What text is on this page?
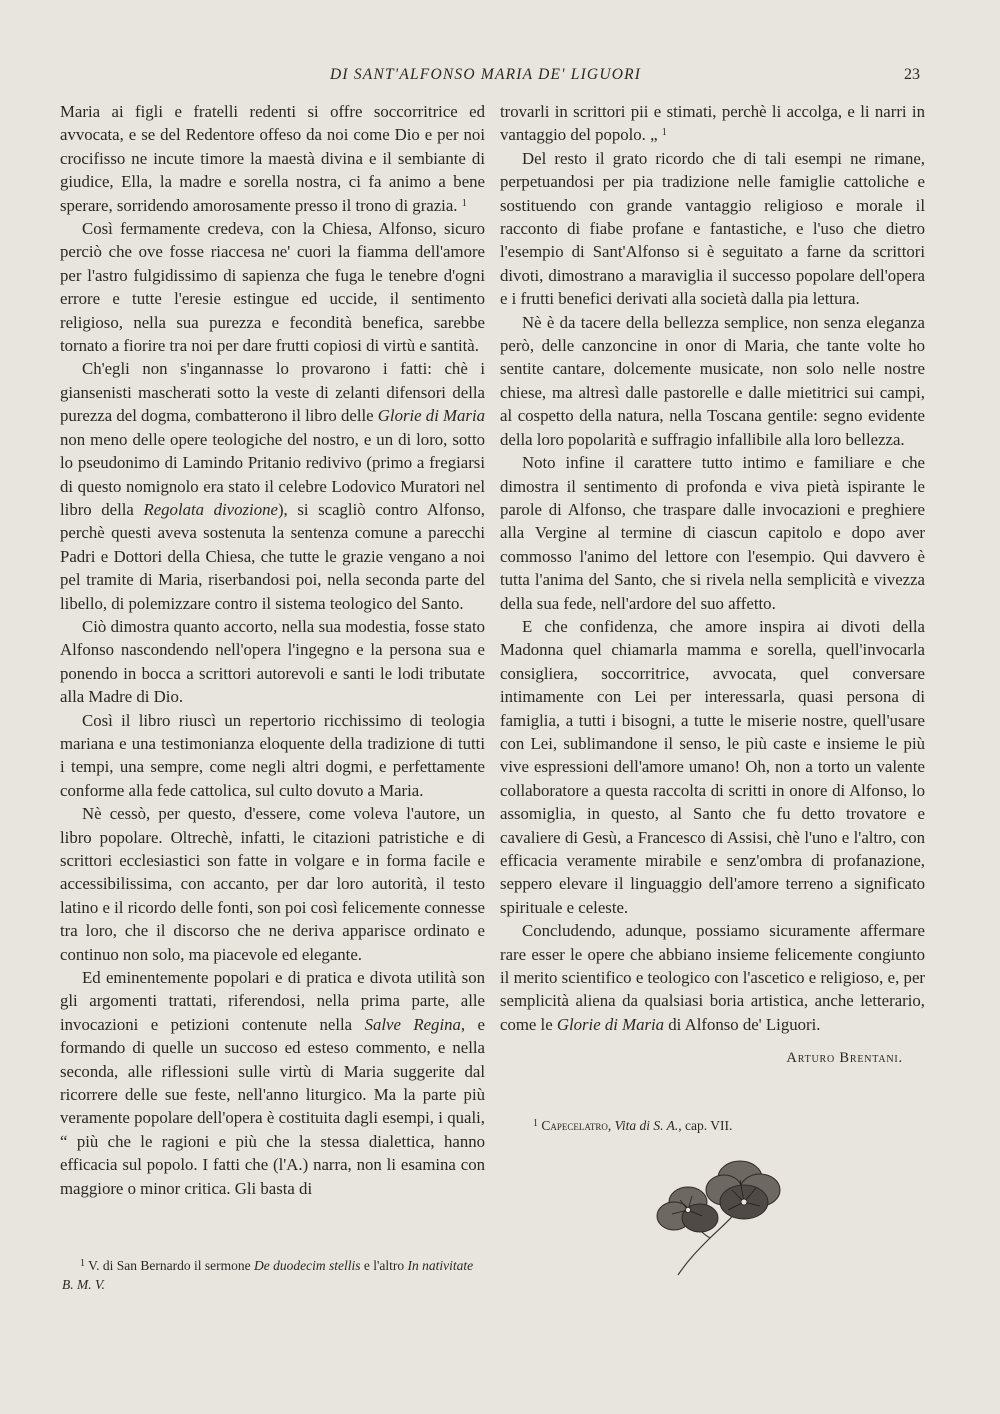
DI SANT'ALFONSO MARIA DE' LIGUORI	23

Maria ai figli e fratelli redenti si offre soccorritrice ed avvocata, e se del Redentore offeso da noi come Dio e per noi crocifisso ne incute timore la maestà divina e il sembiante di giudice, Ella, la madre e sorella nostra, ci fa animo a bene sperare, sorridendo amorosamente presso il trono di grazia. $^1$

Così fermamente credeva, con la Chiesa, Alfonso, sicuro perciò che ove fosse riaccesa ne' cuori la fiamma dell'amore per l'astro fulgidissimo di sapienza che fuga le tenebre d'ogni errore e tutte l'eresie estingue ed uccide, il sentimento religioso, nella sua purezza e fecondità benefica, sarebbe tornato a fiorire tra noi per dare frutti copiosi di virtù e santità.

Ch'egli non s'ingannasse lo provarono i fatti: chè i giansenisti mascherati sotto la veste di zelanti difensori della purezza del dogma, combatterono il libro delle Glorie di Maria non meno delle opere teologiche del nostro, e un di loro, sotto lo pseudonimo di Lamindo Pritanio redivivo (primo a fregiarsi di questo nomignolo era stato il celebre Lodovico Muratori nel libro della Regolata divozione), si scagliò contro Alfonso, perchè questi aveva sostenuta la sentenza comune a parecchi Padri e Dottori della Chiesa, che tutte le grazie vengano a noi pel tramite di Maria, riserbandosi poi, nella seconda parte del libello, di polemizzare contro il sistema teologico del Santo.

Ciò dimostra quanto accorto, nella sua modestia, fosse stato Alfonso nascondendo nell'opera l'ingegno e la persona sua e ponendo in bocca a scrittori autorevoli e santi le lodi tributate alla Madre di Dio.

Così il libro riuscì un repertorio ricchissimo di teologia mariana e una testimonianza eloquente della tradizione di tutti i tempi, una sempre, come negli altri dogmi, e perfettamente conforme alla fede cattolica, sul culto dovuto a Maria.

Nè cessò, per questo, d'essere, come voleva l'autore, un libro popolare. Oltrechè, infatti, le citazioni patristiche e di scrittori ecclesiastici son fatte in volgare e in forma facile e accessibilissima, con accanto, per dar loro autorità, il testo latino e il ricordo delle fonti, son poi così felicemente connesse tra loro, che il discorso che ne deriva apparisce ordinato e continuo non solo, ma piacevole ed elegante.

Ed eminentemente popolari e di pratica e divota utilità son gli argomenti trattati, riferendosi, nella prima parte, alle invocazioni e petizioni contenute nella Salve Regina, e formando di quelle un succoso ed esteso commento, e nella seconda, alle riflessioni sulle virtù di Maria suggerite dal ricorrere delle sue feste, nell'anno liturgico. Ma la parte più veramente popolare dell'opera è costituita dagli esempi, i quali, “ più che le ragioni e più che la stessa dialettica, hanno efficacia sul popolo. I fatti che (l'A.) narra, non li esamina con maggiore o minor critica. Gli basta di

trovarli in scrittori pii e stimati, perchè li accolga, e li narri in vantaggio del popolo. „ $^1$

Del resto il grato ricordo che di tali esempi ne rimane, perpetuandosi per pia tradizione nelle famiglie cattoliche e sostituendo con grande vantaggio religioso e morale il racconto di fiabe profane e fantastiche, e l'uso che dietro l'esempio di Sant'Alfonso si è seguitato a farne da scrittori divoti, dimostrano a maraviglia il successo popolare dell'opera e i frutti benefici derivati alla società dalla pia lettura.

Nè è da tacere della bellezza semplice, non senza eleganza però, delle canzoncine in onor di Maria, che tante volte ho sentite cantare, dolcemente musicate, non solo nelle nostre chiese, ma altresì dalle pastorelle e dalle mietitrici sui campi, al cospetto della natura, nella Toscana gentile: segno evidente della loro popolarità e suffragio infallibile alla loro bellezza.

Noto infine il carattere tutto intimo e familiare e che dimostra il sentimento di profonda e viva pietà ispirante le parole di Alfonso, che traspare dalle invocazioni e preghiere alla Vergine al termine di ciascun capitolo e dopo aver commosso l'animo del lettore con l'esempio. Qui davvero è tutta l'anima del Santo, che si rivela nella semplicità e vivezza della sua fede, nell'ardore del suo affetto.

E che confidenza, che amore inspira ai divoti della Madonna quel chiamarla mamma e sorella, quell'invocarla consigliera, soccorritrice, avvocata, quel conversare intimamente con Lei per interessarla, quasi persona di famiglia, a tutti i bisogni, a tutte le miserie nostre, quell'usare con Lei, sublimandone il senso, le più caste e insieme le più vive espressioni dell'amore umano! Oh, non a torto un valente collaboratore a questa raccolta di scritti in onore di Alfonso, lo assomiglia, in questo, al Santo che fu detto trovatore e cavaliere di Gesù, a Francesco di Assisi, chè l'uno e l'altro, con efficacia veramente mirabile e senz'ombra di profanazione, seppero elevare il linguaggio dell'amore terreno a significato spirituale e celeste.

Concludendo, adunque, possiamo sicuramente affermare rare esser le opere che abbiano insieme felicemente congiunto il merito scientifico e teologico con l'ascetico e religioso, e, per semplicità aliena da qualsiasi boria artistica, anche letterario, come le Glorie di Maria di Alfonso de' Liguori.

Arturo Brentani.

$^1$ Capecelatro, Vita di S. A., cap. VII.

$^1$ V. di San Bernardo il sermone De duodecim stellis e l'altro In nativitate B. M. V.
